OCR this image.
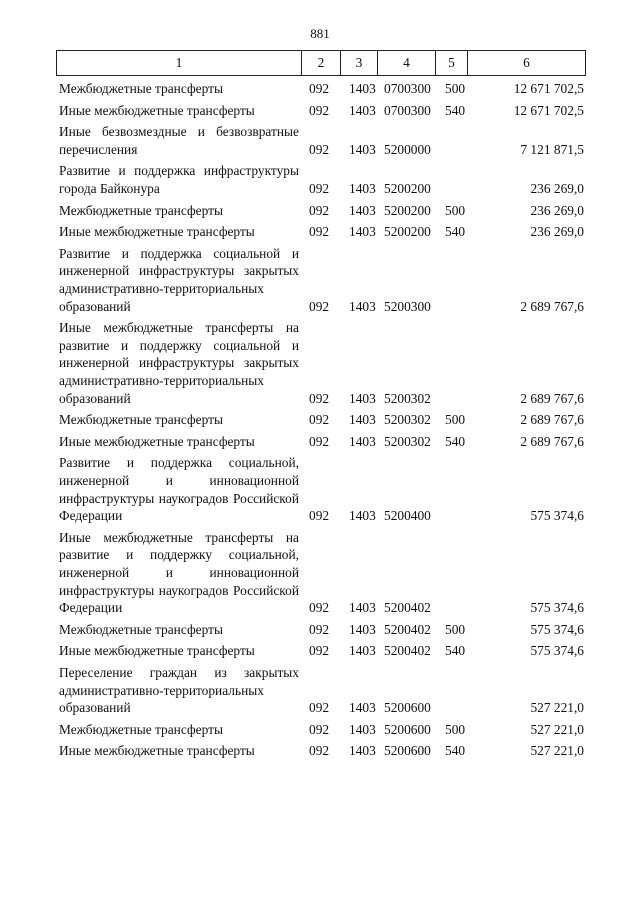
881
1	2	3	4	5	6
Межбюджетные трансферты	092 1403 0700300 500	12 671 702,5
Иные межбюджетные трансферты	092 1403 0700300 540	12 671 702,5
Иные безвозмездные и безвозвратные перечисления	092 1403 5200000	7 121 871,5
Развитие и поддержка инфраструктуры города Байконура	092 1403 5200200	236 269,0
Межбюджетные трансферты	092 1403 5200200 500	236 269,0
Иные межбюджетные трансферты	092 1403 5200200 540	236 269,0
Развитие и поддержка социальной и инженерной инфраструктуры закрытых административно-территориальных образований	092 1403 5200300	2 689 767,6
Иные межбюджетные трансферты на развитие и поддержку социальной и инженерной инфраструктуры закрытых административно-территориальных образований	092 1403 5200302	2 689 767,6
Межбюджетные трансферты	092 1403 5200302 500	2 689 767,6
Иные межбюджетные трансферты	092 1403 5200302 540	2 689 767,6
Развитие и поддержка социальной, инженерной и инновационной инфраструктуры наукоградов Российской Федерации	092 1403 5200400	575 374,6
Иные межбюджетные трансферты на развитие и поддержку социальной, инженерной и инновационной инфраструктуры наукоградов Российской Федерации	092 1403 5200402	575 374,6
Межбюджетные трансферты	092 1403 5200402 500	575 374,6
Иные межбюджетные трансферты	092 1403 5200402 540	575 374,6
Переселение граждан из закрытых административно-территориальных образований	092 1403 5200600	527 221,0
Межбюджетные трансферты	092 1403 5200600 500	527 221,0
Иные межбюджетные трансферты	092 1403 5200600 540	527 221,0
